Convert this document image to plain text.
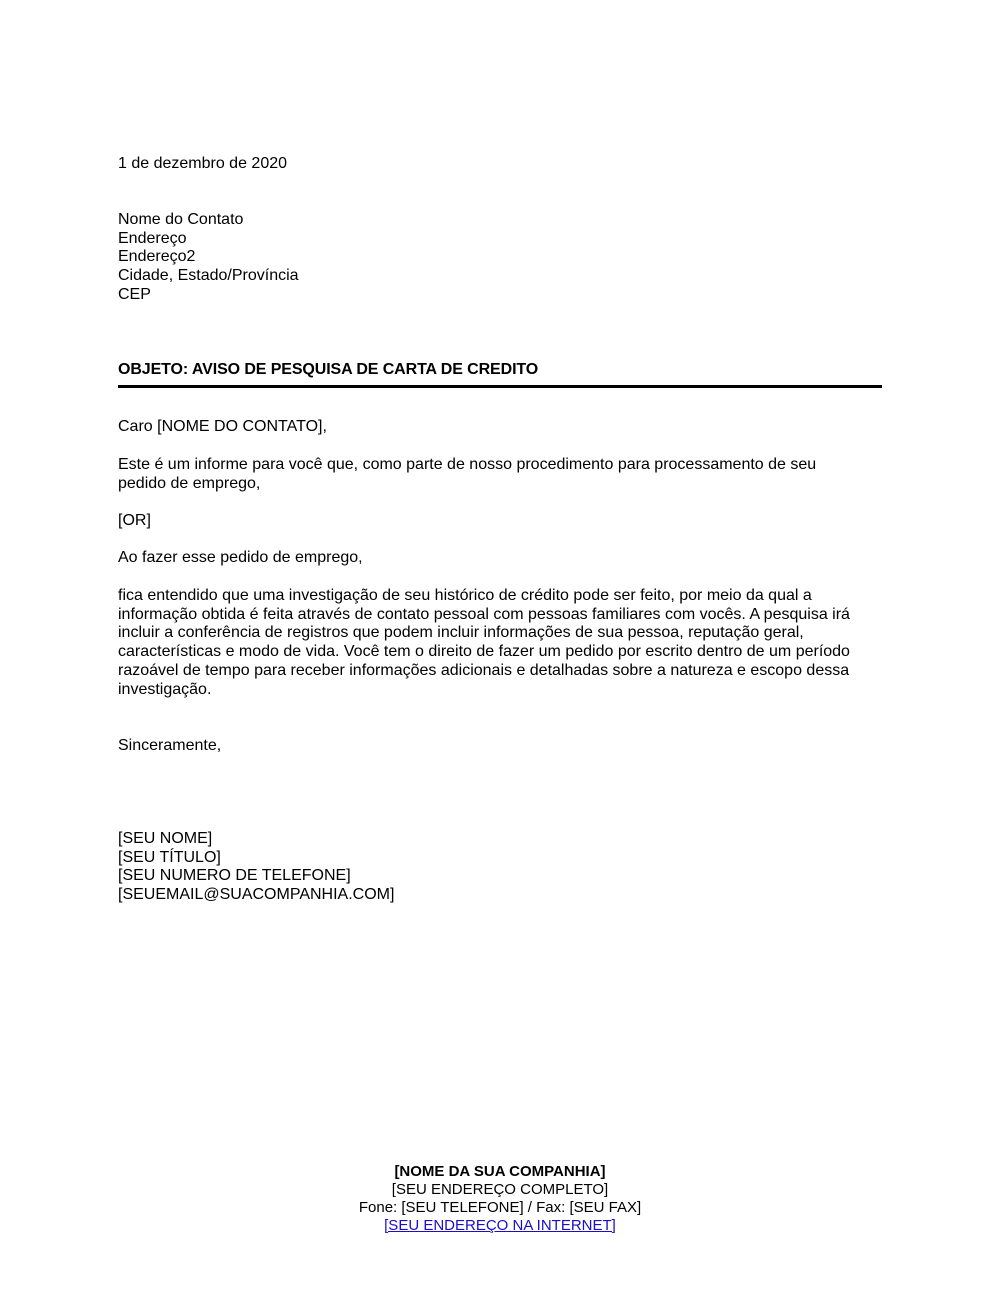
1 de dezembro de 2020
Nome do Contato
Endereço
Endereço2
Cidade, Estado/Província
CEP
OBJETO: AVISO DE PESQUISA DE CARTA DE CREDITO
Caro [NOME DO CONTATO],
Este é um informe para você que, como parte de nosso procedimento para processamento de seu
pedido de emprego,
[OR]
Ao fazer esse pedido de emprego,
fica entendido que uma investigação de seu histórico de crédito pode ser feito, por meio da qual a
informação obtida é feita através de contato pessoal com pessoas familiares com vocês. A pesquisa irá
incluir a conferência de registros que podem incluir informações de sua pessoa, reputação geral,
características e modo de vida. Você tem o direito de fazer um pedido por escrito dentro de um período
razoável de tempo para receber informações adicionais e detalhadas sobre a natureza e escopo dessa
investigação.
Sinceramente,
[SEU NOME]
[SEU TÍTULO]
[SEU NUMERO DE TELEFONE]
[SEUEMAIL@SUACOMPANHIA.COM]
[NOME DA SUA COMPANHIA]
[SEU ENDEREÇO COMPLETO]
Fone: [SEU TELEFONE] / Fax: [SEU FAX]
[SEU ENDEREÇO NA INTERNET]
